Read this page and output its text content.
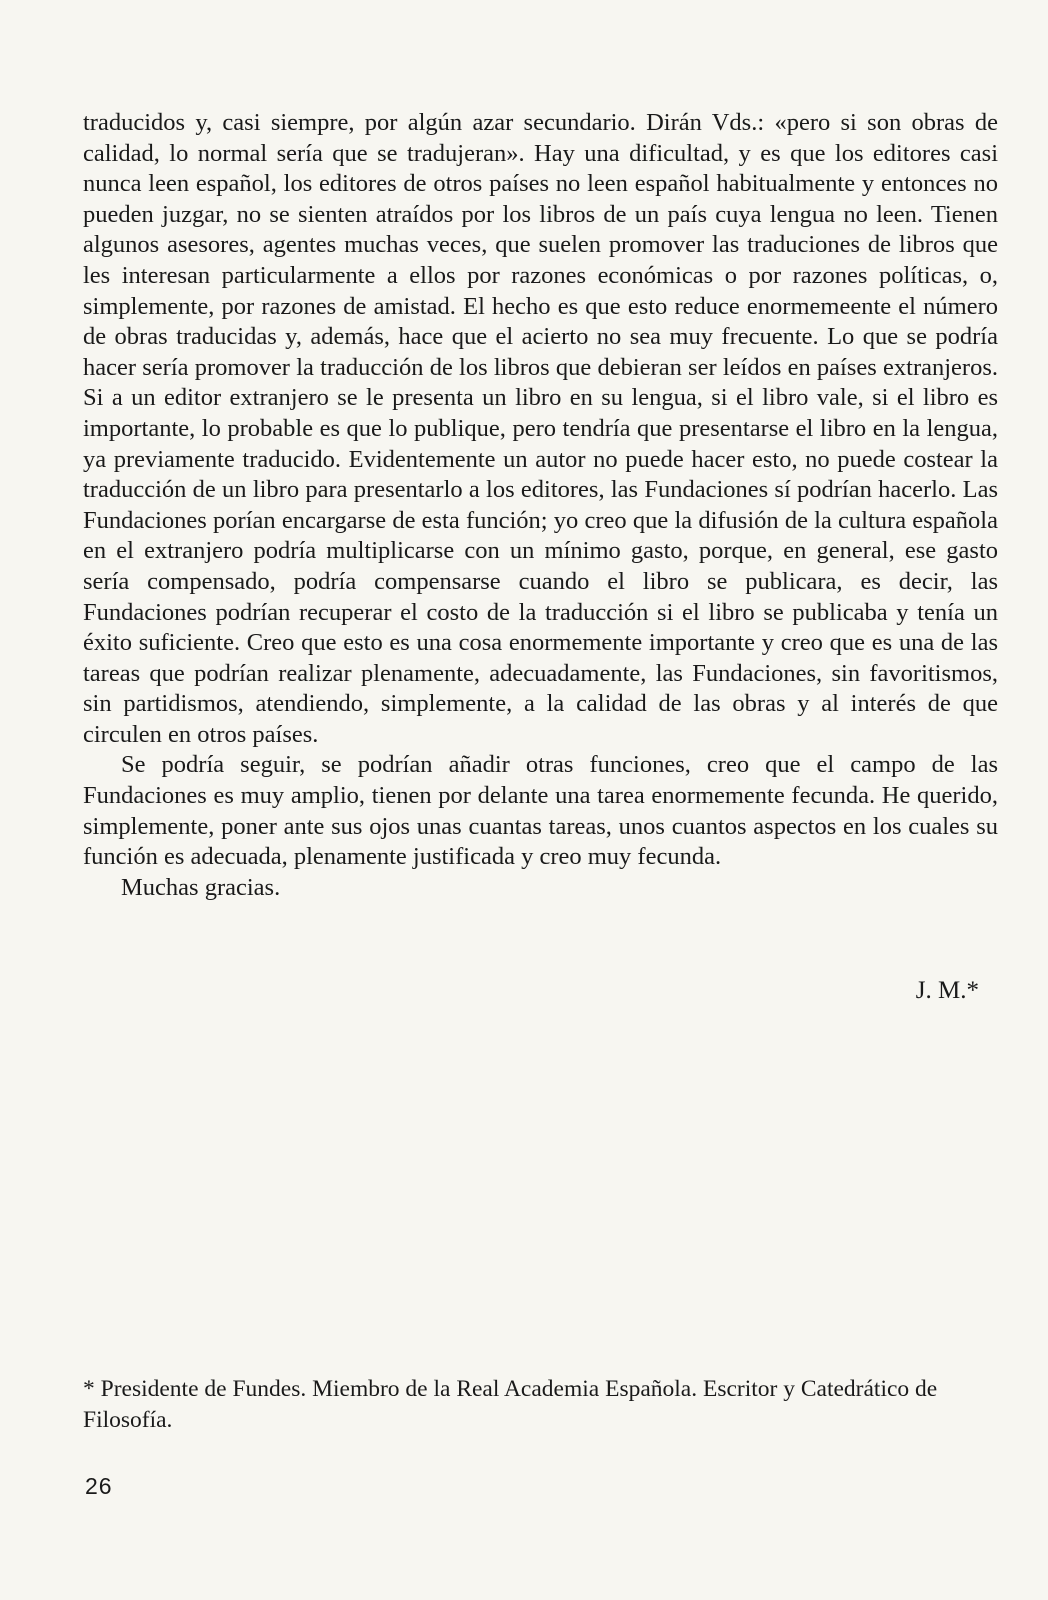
traducidos y, casi siempre, por algún azar secundario. Dirán Vds.: «pero si son obras de calidad, lo normal sería que se tradujeran». Hay una dificultad, y es que los editores casi nunca leen español, los editores de otros países no leen español habitualmente y entonces no pueden juzgar, no se sienten atraídos por los libros de un país cuya lengua no leen. Tienen algunos asesores, agentes muchas veces, que suelen promover las traduciones de libros que les interesan particularmente a ellos por razones económicas o por razones políticas, o, simplemente, por razones de amistad. El hecho es que esto reduce enormemeente el número de obras traducidas y, además, hace que el acierto no sea muy frecuente. Lo que se podría hacer sería promover la traducción de los libros que debieran ser leídos en países extranjeros. Si a un editor extranjero se le presenta un libro en su lengua, si el libro vale, si el libro es importante, lo probable es que lo publique, pero tendría que presentarse el libro en la lengua, ya previamente traducido. Evidentemente un autor no puede hacer esto, no puede costear la traducción de un libro para presentarlo a los editores, las Fundaciones sí podrían hacerlo. Las Fundaciones porían encargarse de esta función; yo creo que la difusión de la cultura española en el extranjero podría multiplicarse con un mínimo gasto, porque, en general, ese gasto sería compensado, podría compensarse cuando el libro se publicara, es decir, las Fundaciones podrían recuperar el costo de la traducción si el libro se publicaba y tenía un éxito suficiente. Creo que esto es una cosa enormemente importante y creo que es una de las tareas que podrían realizar plenamente, adecuadamente, las Fundaciones, sin favoritismos, sin partidismos, atendiendo, simplemente, a la calidad de las obras y al interés de que circulen en otros países.

Se podría seguir, se podrían añadir otras funciones, creo que el campo de las Fundaciones es muy amplio, tienen por delante una tarea enormemente fecunda. He querido, simplemente, poner ante sus ojos unas cuantas tareas, unos cuantos aspectos en los cuales su función es adecuada, plenamente justificada y creo muy fecunda.

Muchas gracias.

J. M.*
* Presidente de Fundes. Miembro de la Real Academia Española. Escritor y Catedrático de Filosofía.
26
